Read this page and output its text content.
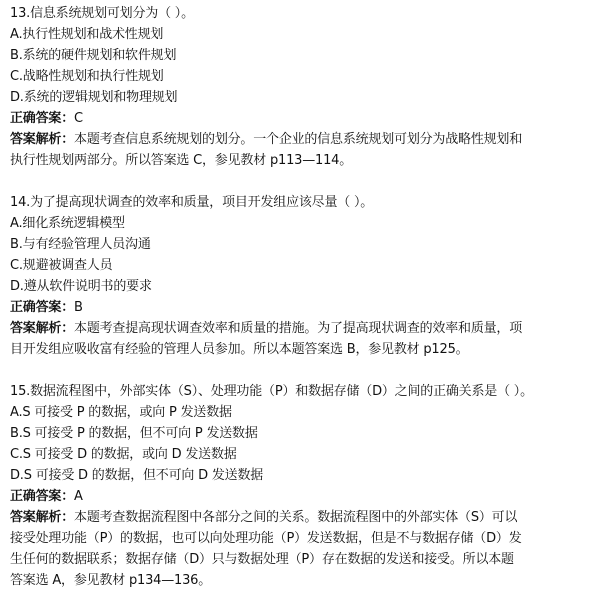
13.信息系统规划可划分为（ ）。
A.执行性规划和战术性规划
B.系统的硬件规划和软件规划
C.战略性规划和执行性规划
D.系统的逻辑规划和物理规划
正确答案：C
答案解析：本题考查信息系统规划的划分。一个企业的信息系统规划可划分为战略性规划和
执行性规划两部分。所以答案选 C，参见教材 p113—114。
14.为了提高现状调查的效率和质量，项目开发组应该尽量（ ）。
A.细化系统逻辑模型
B.与有经验管理人员沟通
C.规避被调查人员
D.遵从软件说明书的要求
正确答案：B
答案解析：本题考查提高现状调查效率和质量的措施。为了提高现状调查的效率和质量，项
目开发组应吸收富有经验的管理人员参加。所以本题答案选 B，参见教材 p125。
15.数据流程图中，外部实体（S）、处理功能（P）和数据存储（D）之间的正确关系是（ ）。
A.S 可接受 P 的数据，或向 P 发送数据
B.S 可接受 P 的数据，但不可向 P 发送数据
C.S 可接受 D 的数据，或向 D 发送数据
D.S 可接受 D 的数据，但不可向 D 发送数据
正确答案：A
答案解析：本题考查数据流程图中各部分之间的关系。数据流程图中的外部实体（S）可以
接受处理功能（P）的数据，也可以向处理功能（P）发送数据，但是不与数据存储（D）发
生任何的数据联系；数据存储（D）只与数据处理（P）存在数据的发送和接受。所以本题
答案选 A，参见教材 p134—136。
